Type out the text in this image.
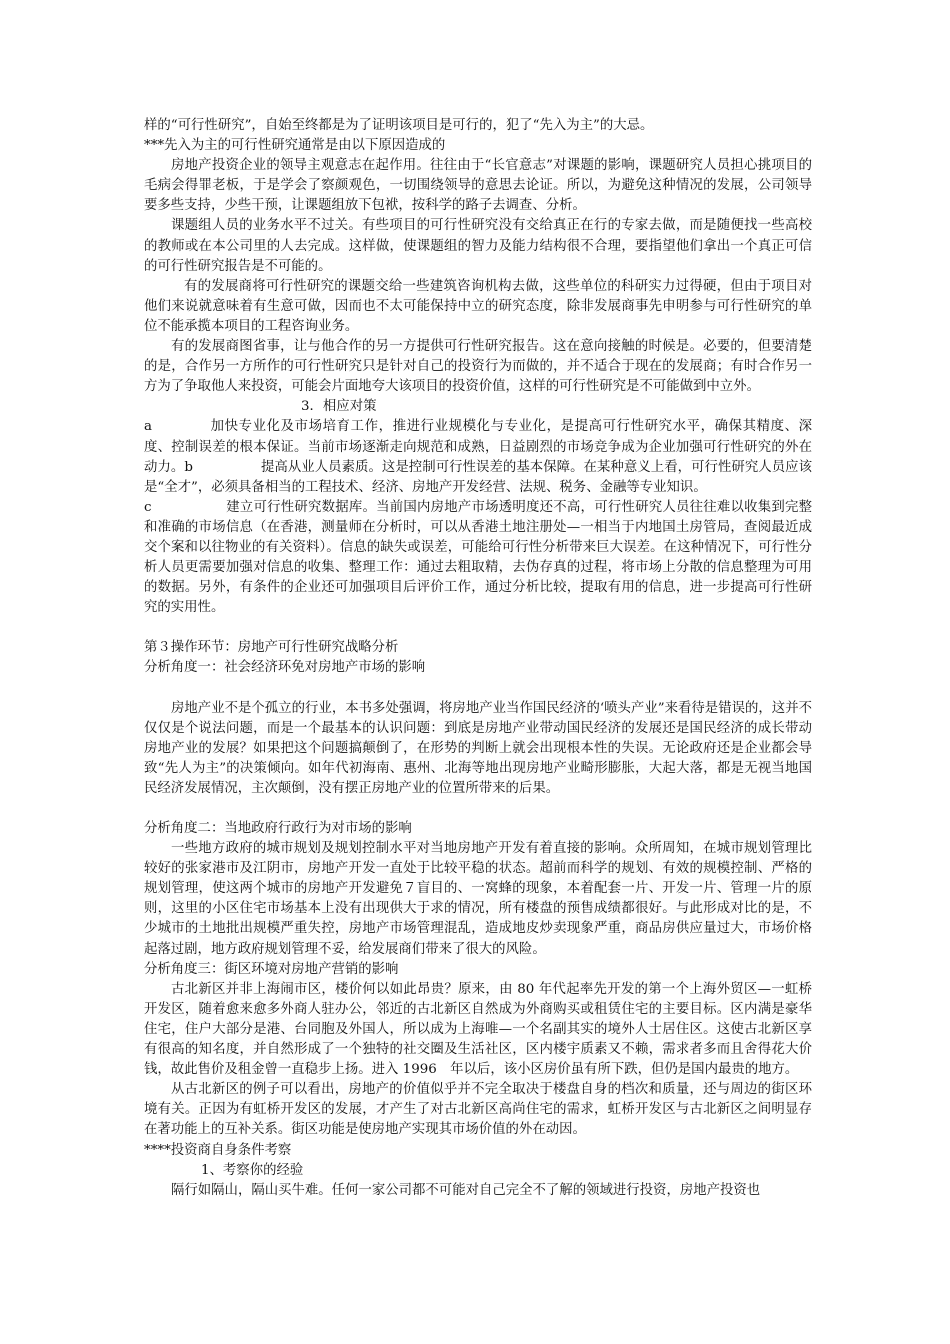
样的“可行性研究”，自始至终都是为了证明该项目是可行的，犯了“先入为主”的大忌。

***先入为主的可行性研究通常是由以下原因造成的

房地产投资企业的领导主观意志在起作用。往往由于“长官意志”对课题的影响，课题研究人员担心挑项目的毛病会得罪老板，于是学会了察颜观色，一切围绕领导的意思去论证。所以，为避免这种情况的发展，公司领导要多些支持，少些干预，让课题组放下包袱，按科学的路子去调查、分析。

课题组人员的业务水平不过关。有些项目的可行性研究没有交给真正在行的专家去做，而是随便找一些高校的教师或在本公司里的人去完成。这样做，使课题组的智力及能力结构很不合理，要指望他们拿出一个真正可信的可行性研究报告是不可能的。

有的发展商将可行性研究的课题交给一些建筑咨询机构去做，这些单位的科研实力过得硬，但由于项目对他们来说就意味着有生意可做，因而也不太可能保持中立的研究态度，除非发展商事先申明参与可行性研究的单位不能承揽本项目的工程咨询业务。

有的发展商图省事，让与他合作的另一方提供可行性研究报告。这在意向接触的时候是。必要的，但要清楚的是，合作另一方所作的可行性研究只是针对自己的投资行为而做的，并不适合于现在的发展商；有时合作另一方为了争取他人来投资，可能会片面地夸大该项目的投资价值，这样的可行性研究是不可能做到中立外。

3．相应对策

a	加快专业化及市场培育工作，推进行业规模化与专业化，是提高可行性研究水平，确保其精度、深度、控制误差的根本保证。当前市场逐渐走向规范和成熟，日益剧烈的市场竞争成为企业加强可行性研究的外在动力。b	提高从业人员素质。这是控制可行性误差的基本保障。在某种意义上看，可行性研究人员应该是“全才”，必须具备相当的工程技术、经济、房地产开发经营、法规、税务、金融等专业知识。

c	建立可行性研究数据库。当前国内房地产市场透明度还不高，可行性研究人员往往难以收集到完整和准确的市场信息（在香港，测量师在分析时，可以从香港土地注册处—一相当于内地国土房管局，查阅最近成交个案和以往物业的有关资料）。信息的缺失或误差，可能给可行性分析带来巨大误差。在这种情况下，可行性分析人员更需要加强对信息的收集、整理工作：通过去粗取精，去伪存真的过程，将市场上分散的信息整理为可用的数据。另外，有条件的企业还可加强项目后评价工作，通过分析比较，提取有用的信息，进一步提高可行性研究的实用性。

第３操作环节：房地产可行性研究战略分析

分析角度一：社会经济环免对房地产市场的影响

房地产业不是个孤立的行业，本书多处强调，将房地产业当作国民经济的‘喷头产业”来看待是错误的，这并不仅仅是个说法问题，而是一个最基本的认识问题：到底是房地产业带动国民经济的发展还是国民经济的成长带动房地产业的发展？如果把这个问题搞颠倒了，在形势的判断上就会出现根本性的失误。无论政府还是企业都会导致“先人为主”的决策倾向。如年代初海南、惠州、北海等地出现房地产业畸形膨胀，大起大落，都是无视当地国民经济发展情况，主次颠倒，没有摆正房地产业的位置所带来的后果。

分析角度二：当地政府行政行为对市场的影响

一些地方政府的城市规划及规划控制水平对当地房地产开发有着直接的影响。众所周知，在城市规划管理比较好的张家港市及江阴市，房地产开发一直处于比较平稳的状态。超前而科学的规划、有效的规模控制、严格的规划管理，使这两个城市的房地产开发避免７盲目的、一窝蜂的现象，本着配套一片、开发一片、管理一片的原则，这里的小区住宅市场基本上没有出现供大于求的情况，所有楼盘的预售成绩都很好。与此形成对比的是，不少城市的土地批出规模严重失控，房地产市场管理混乱，造成地皮炒卖现象严重，商品房供应量过大，市场价格起落过剧，地方政府规划管理不妥，给发展商们带来了很大的风险。

分析角度三：街区环境对房地产营销的影响

古北新区并非上海闹市区，楼价何以如此昂贵？原来，由 80 年代起率先开发的第一个上海外贸区—一虹桥开发区，随着愈来愈多外商人驻办公，邻近的古北新区自然成为外商购买或租赁住宅的主要目标。区内满是豪华住宅，住户大部分是港、台同胞及外国人，所以成为上海唯—一个名副其实的境外人士居住区。这使古北新区享有很高的知名度，并自然形成了一个独特的社交圈及生活社区，区内楼宇质素又不赖，需求者多而且舍得花大价钱，故此售价及租金曾一直稳步上扬。进入 1996　年以后，该小区房价虽有所下跌，但仍是国内最贵的地方。

从古北新区的例子可以看出，房地产的价值似乎并不完全取决于楼盘自身的档次和质量，还与周边的街区环境有关。正因为有虹桥开发区的发展，才产生了对古北新区高尚住宅的需求，虹桥开发区与古北新区之间明显存在著功能上的互补关系。街区功能是使房地产实现其市场价值的外在动因。

****投资商自身条件考察

1、考察你的经验

隔行如隔山，隔山买牛难。任何一家公司都不可能对自己完全不了解的领域进行投资，房地产投资也
